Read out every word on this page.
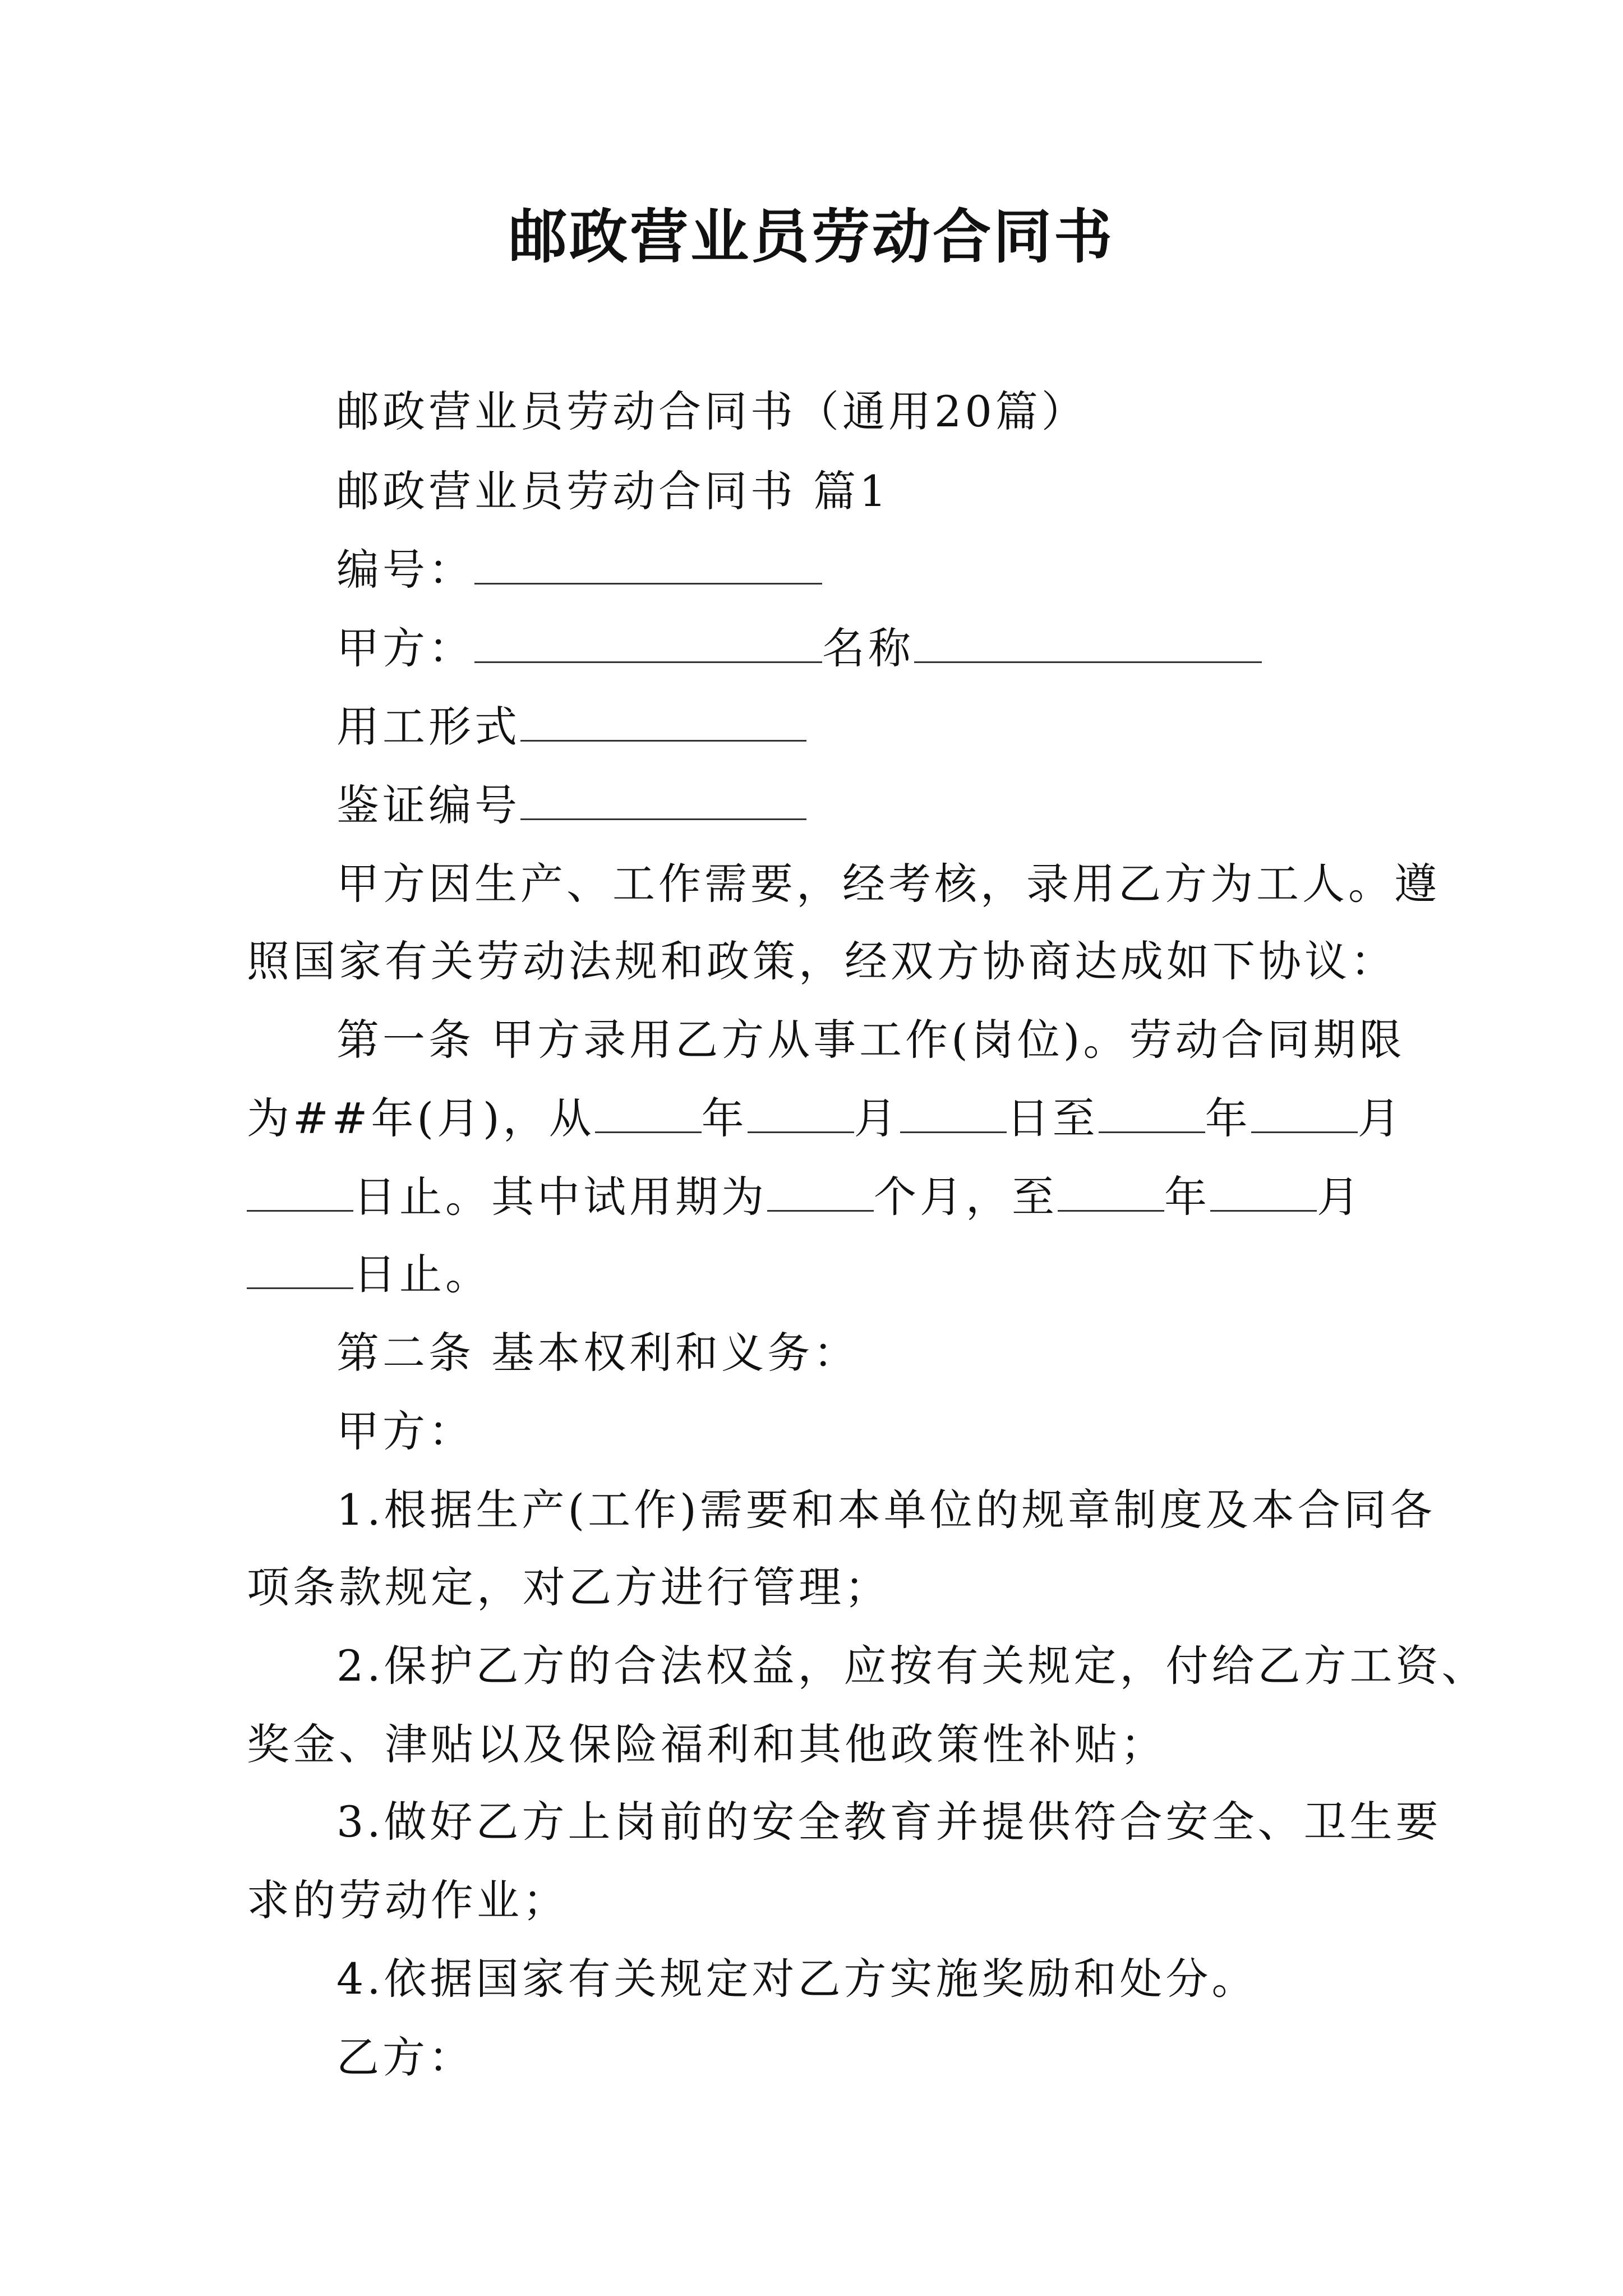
邮政营业员劳动合同书
邮政营业员劳动合同书（通用20篇）
邮政营业员劳动合同书 篇1
编号：
甲方：	名称
用工形式
鉴证编号
甲方因生产、工作需要，经考核，录用乙方为工人。遵
照国家有关劳动法规和政策，经双方协商达成如下协议：
第一条 甲方录用乙方从事工作(岗位)。劳动合同期限
为##年(月)，从	年	月	日至	年	月
日止。其中试用期为	个月，至	年	月
日止。
第二条 基本权利和义务：
甲方：
1.根据生产(工作)需要和本单位的规章制度及本合同各
项条款规定，对乙方进行管理；
2.保护乙方的合法权益，应按有关规定，付给乙方工资、
奖金、津贴以及保险福利和其他政策性补贴；
3.做好乙方上岗前的安全教育并提供符合安全、卫生要
求的劳动作业；
4.依据国家有关规定对乙方实施奖励和处分。
乙方：
